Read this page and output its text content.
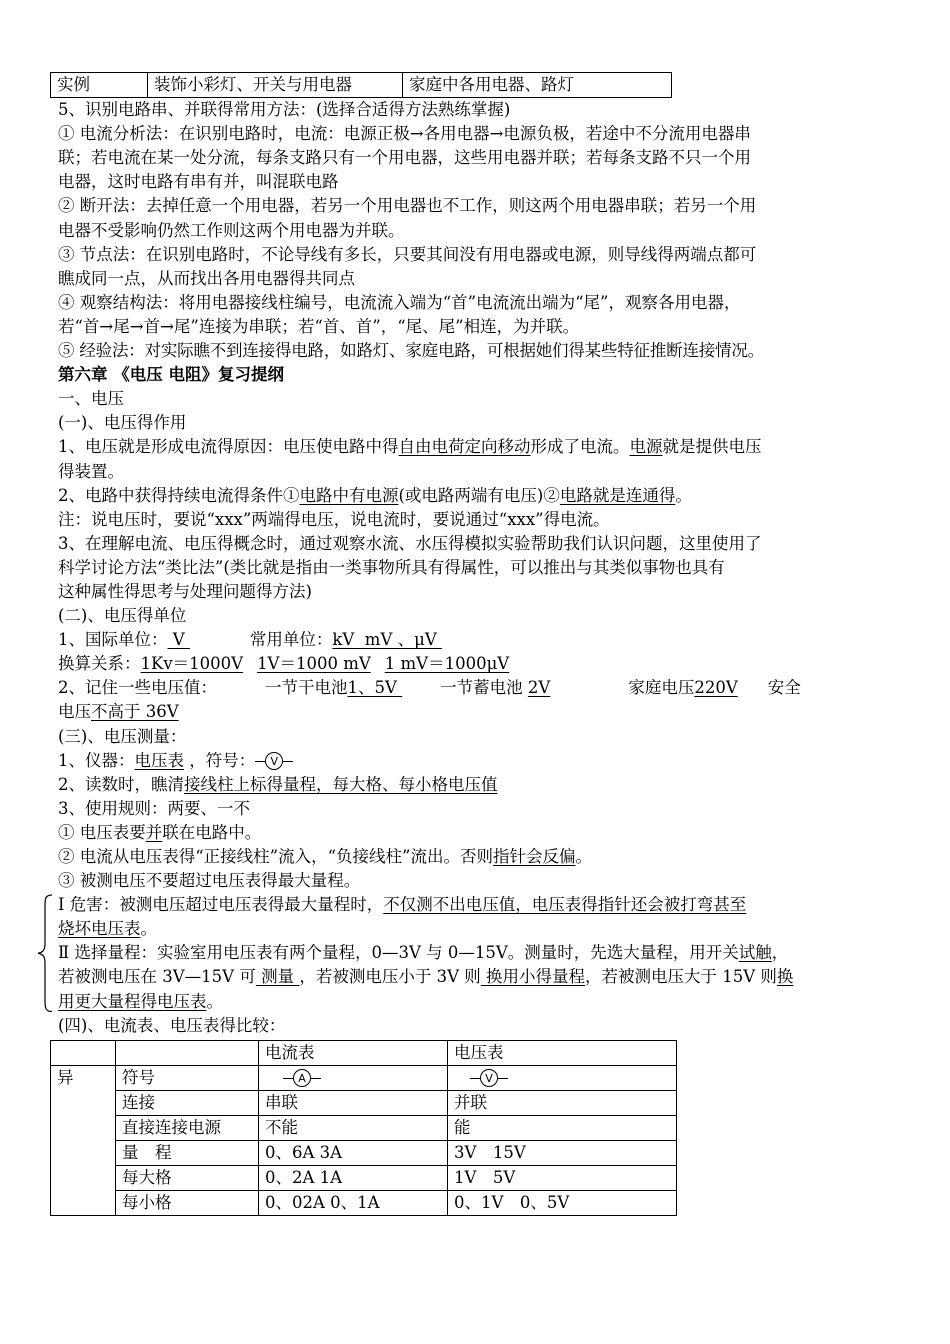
实例	装饰小彩灯、开关与用电器	家庭中各用电器、路灯
5、识别电路串、并联得常用方法：(选择合适得方法熟练掌握)
① 电流分析法：在识别电路时，电流：电源正极→各用电器→电源负极，若途中不分流用电器串
联；若电流在某一处分流，每条支路只有一个用电器，这些用电器并联；若每条支路不只一个用
电器，这时电路有串有并，叫混联电路
② 断开法：去掉任意一个用电器，若另一个用电器也不工作，则这两个用电器串联；若另一个用
电器不受影响仍然工作则这两个用电器为并联。
③ 节点法：在识别电路时，不论导线有多长，只要其间没有用电器或电源，则导线得两端点都可
瞧成同一点，从而找出各用电器得共同点
④ 观察结构法：将用电器接线柱编号，电流流入端为“首”电流流出端为“尾”，观察各用电器，
若“首→尾→首→尾”连接为串联；若“首、首”，“尾、尾”相连，为并联。
⑤ 经验法：对实际瞧不到连接得电路，如路灯、家庭电路，可根据她们得某些特征推断连接情况。
第六章 《电压 电阻》复习提纲
一、电压
(一)、电压得作用
1、电压就是形成电流得原因：电压使电路中得自由电荷定向移动形成了电流。电源就是提供电压
得装置。
2、电路中获得持续电流得条件①电路中有电源(或电路两端有电压)②电路就是连通得。
注：说电压时，要说“xxx”两端得电压，说电流时，要说通过“xxx”得电流。
3、在理解电流、电压得概念时，通过观察水流、水压得模拟实验帮助我们认识问题，这里使用了
科学讨论方法“类比法”(类比就是指由一类事物所具有得属性，可以推出与其类似事物也具有
这种属性得思考与处理问题得方法)
(二)、电压得单位
1、国际单位： V	常用单位：kV  mV 、μV
换算关系：1Kv＝1000V 1V＝1000 mV 1 mV＝1000μV
2、记住一些电压值：	一节干电池1、5V 一节蓄电池 2V	家庭电压220V 安全
电压不高于 36V
(三)、电压测量：
1、仪器：电压表 ，符号：	V
2、读数时，瞧清接线柱上标得量程，每大格、每小格电压值
3、使用规则：两要、一不
① 电压表要并联在电路中。
② 电流从电压表得“正接线柱”流入，“负接线柱”流出。否则指针会反偏。
③ 被测电压不要超过电压表得最大量程。
Ⅰ 危害：被测电压超过电压表得最大量程时，不仅测不出电压值，电压表得指针还会被打弯甚至
烧坏电压表。
Ⅱ 选择量程：实验室用电压表有两个量程，0—3V 与 0—15V。测量时，先选大量程，用开关试触，
若被测电压在 3V—15V 可 测量 ，若被测电压小于 3V 则 换用小得量程，若被测电压大于 15V 则换
用更大量程得电压表。
(四)、电流表、电压表得比较：
		电流表	电压表
异	符号	A	V

	连接	串联	并联
	直接连接电源	不能	能
	量　程	0、6A 3A	3V　15V
	每大格	0、2A 1A	1V　5V
	每小格	0、02A 0、1A	0、1V　0、5V
